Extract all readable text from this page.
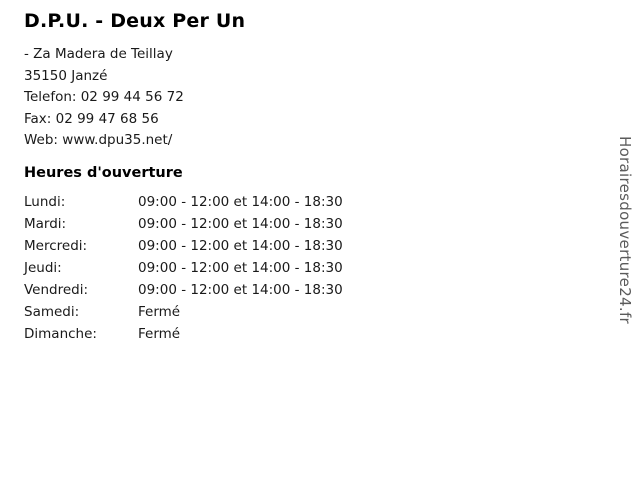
D.P.U. - Deux Per Un
- Za Madera de Teillay
35150 Janzé
Telefon: 02 99 44 56 72
Fax: 02 99 47 68 56
Web: www.dpu35.net/
Heures d'ouverture
Lundi:	09:00 - 12:00 et 14:00 - 18:30
Mardi:	09:00 - 12:00 et 14:00 - 18:30
Mercredi:	09:00 - 12:00 et 14:00 - 18:30
Jeudi:	09:00 - 12:00 et 14:00 - 18:30
Vendredi:	09:00 - 12:00 et 14:00 - 18:30
Samedi:	Fermé
Dimanche:	Fermé
Horairesdouverture24.fr
